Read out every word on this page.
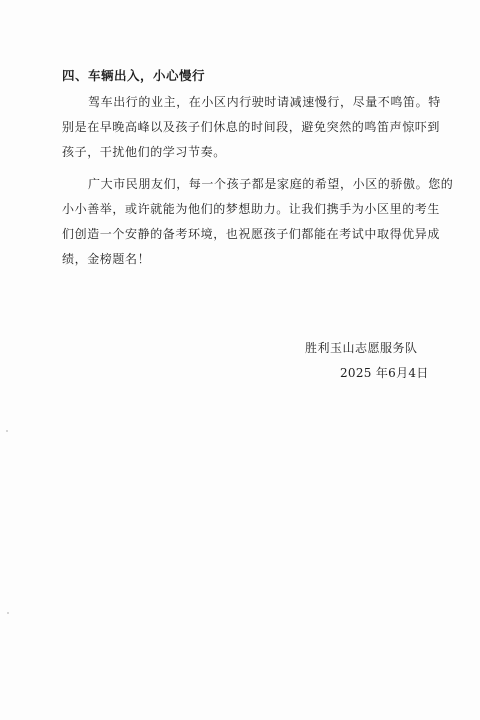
四、车辆出入，小心慢行
驾车出行的业主，在小区内行驶时请减速慢行，尽量不鸣笛。特
别是在早晚高峰以及孩子们休息的时间段，避免突然的鸣笛声惊吓到
孩子，干扰他们的学习节奏。
广大市民朋友们，每一个孩子都是家庭的希望，小区的骄傲。您的
小小善举，或许就能为他们的梦想助力。让我们携手为小区里的考生
们创造一个安静的备考环境，也祝愿孩子们都能在考试中取得优异成
绩，金榜题名！
胜利玉山志愿服务队
2025 年6月4日
